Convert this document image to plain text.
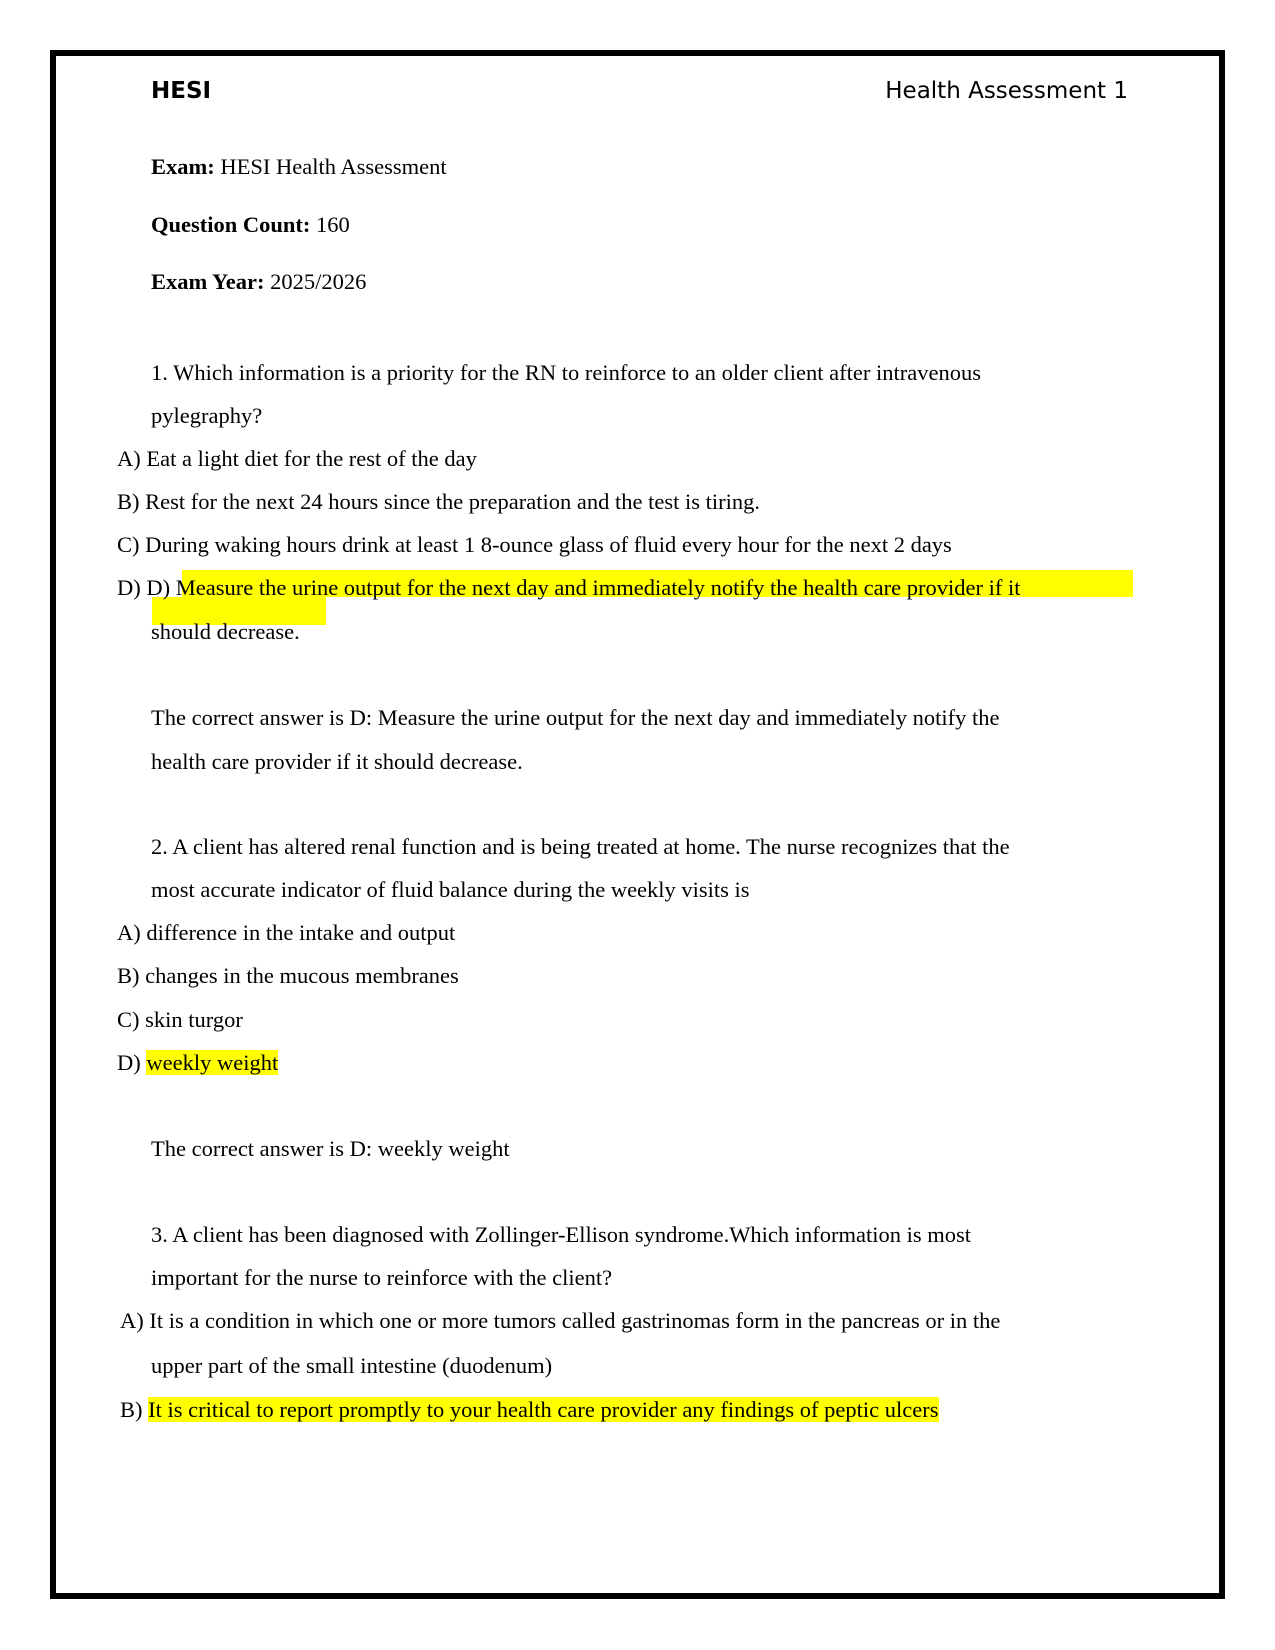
HESI	Health Assessment 1
Exam: HESI Health Assessment
Question Count: 160
Exam Year: 2025/2026
1. Which information is a priority for the RN to reinforce to an older client after intravenous
pylegraphy?
A) Eat a light diet for the rest of the day
B) Rest for the next 24 hours since the preparation and the test is tiring.
C) During waking hours drink at least 1 8-ounce glass of fluid every hour for the next 2 days
D) D) Measure the urine output for the next day and immediately notify the health care provider if it
should decrease.
The correct answer is D: Measure the urine output for the next day and immediately notify the
health care provider if it should decrease.
2. A client has altered renal function and is being treated at home. The nurse recognizes that the
most accurate indicator of fluid balance during the weekly visits is
A) difference in the intake and output
B) changes in the mucous membranes
C) skin turgor
D) weekly weight
The correct answer is D: weekly weight
3. A client has been diagnosed with Zollinger-Ellison syndrome.Which information is most
important for the nurse to reinforce with the client?
A) It is a condition in which one or more tumors called gastrinomas form in the pancreas or in the
upper part of the small intestine (duodenum)
B) It is critical to report promptly to your health care provider any findings of peptic ulcers
